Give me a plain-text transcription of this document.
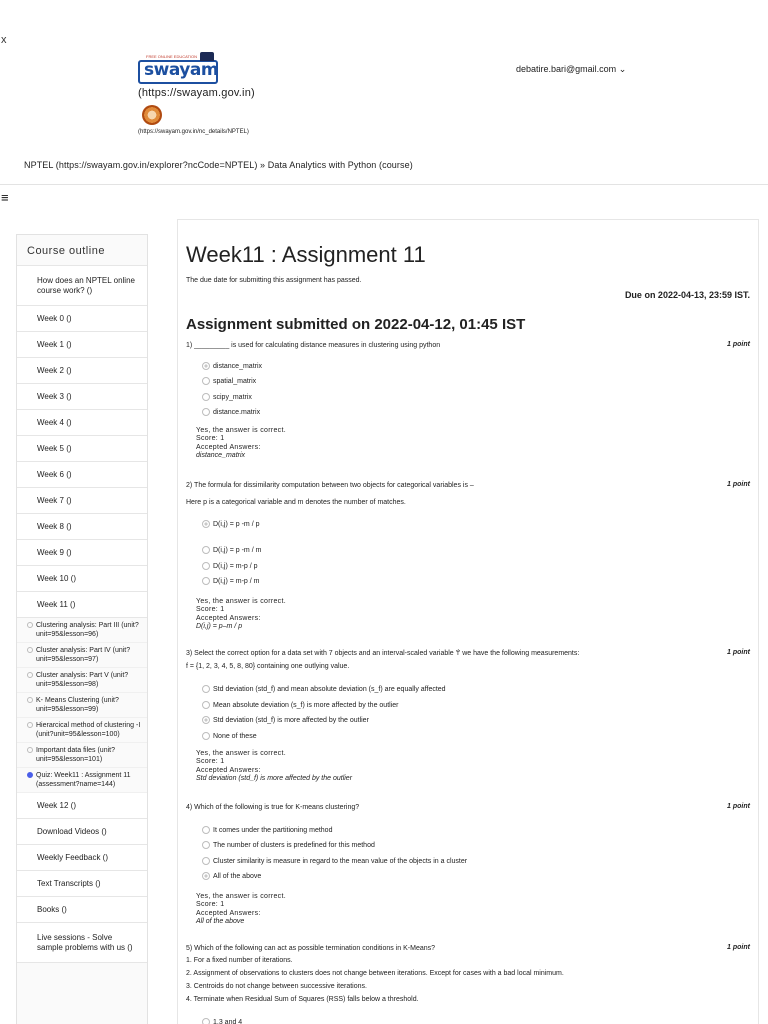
x
FREE ONLINE EDUCATION
swayam
(https://swayam.gov.in)
(https://swayam.gov.in/nc_details/NPTEL)
debatire.bari@gmail.com ⌄
NPTEL (https://swayam.gov.in/explorer?ncCode=NPTEL) » Data Analytics with Python (course)
≡
Course outline
How does an NPTEL online course work? ()
Week 0 ()
Week 1 ()
Week 2 ()
Week 3 ()
Week 4 ()
Week 5 ()
Week 6 ()
Week 7 ()
Week 8 ()
Week 9 ()
Week 10 ()
Week 11 ()
Clustering analysis: Part III (unit?unit=95&lesson=96)
Cluster analysis: Part IV (unit?unit=95&lesson=97)
Cluster analysis: Part V (unit?unit=95&lesson=98)
K- Means Clustering (unit?unit=95&lesson=99)
Hierarcical method of clustering -I (unit?unit=95&lesson=100)
Important data files (unit?unit=95&lesson=101)
Quiz: Week11 : Assignment 11 (assessment?name=144)
Week 12 ()
Download Videos ()
Weekly Feedback ()
Text Transcripts ()
Books ()
Live sessions - Solve sample problems with us ()
Week11 : Assignment 11
The due date for submitting this assignment has passed.
Due on 2022-04-13, 23:59 IST.
Assignment submitted on 2022-04-12, 01:45 IST
1) _________ is used for calculating distance measures in clustering using python	1 point
distance_matrix
spatial_matrix
scipy_matrix
distance.matrix
Yes, the answer is correct.
Score: 1
Accepted Answers:
distance_matrix
2) The formula for dissimilarity computation between two objects for categorical variables is –	1 point
Here p is a categorical variable and m denotes the number of matches.
D(i,j) = p -m / p
D(i,j) = p -m / m
D(i,j) = m-p / p
D(i,j) = m-p / m
Yes, the answer is correct.
Score: 1
Accepted Answers:
D(i,j) = p–m / p
3) Select the correct option for a data set with 7 objects and an interval-scaled variable 'f' we have the following measurements:	1 point
f = {1, 2, 3, 4, 5, 8, 80} containing one outlying value.
Std deviation (std_f) and mean absolute deviation (s_f) are equally affected
Mean absolute deviation (s_f) is more affected by the outlier
Std deviation (std_f) is more affected by the outlier
None of these
Yes, the answer is correct.
Score: 1
Accepted Answers:
Std deviation (std_f) is more affected by the outlier
4) Which of the following is true for K-means clustering?	1 point
It comes under the partitioning method
The number of clusters is predefined for this method
Cluster similarity is measure in regard to the mean value of the objects in a cluster
All of the above
Yes, the answer is correct.
Score: 1
Accepted Answers:
All of the above
5) Which of the following can act as possible termination conditions in K-Means?	1 point
1. For a fixed number of iterations.
2. Assignment of observations to clusters does not change between iterations. Except for cases with a bad local minimum.
3. Centroids do not change between successive iterations.
4. Terminate when Residual Sum of Squares (RSS) falls below a threshold.
1,3 and 4
